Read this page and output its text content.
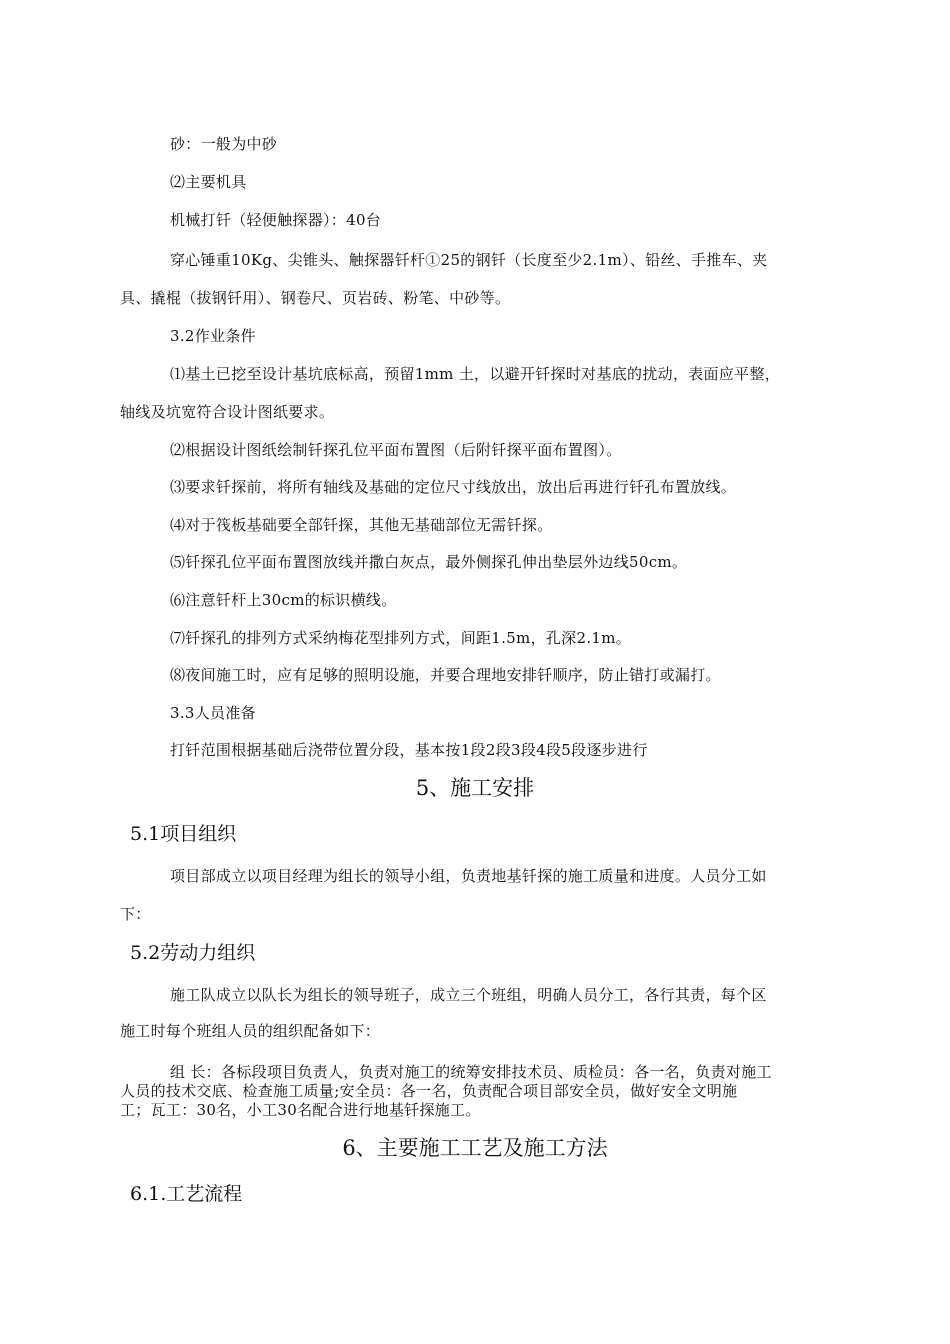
砂：一般为中砂
⑵主要机具
机械打钎（轻便触探器）：40台
穿心锤重10Kg、尖锥头、触探器钎杆①25的钢钎（长度至少2.1m）、铅丝、手推车、夹
具、撬棍（拔钢钎用）、钢卷尺、页岩砖、粉笔、中砂等。
3.2作业条件
⑴基土已挖至设计基坑底标高，预留1mm 土，以避开钎探时对基底的扰动，表面应平整，
轴线及坑宽符合设计图纸要求。
⑵根据设计图纸绘制钎探孔位平面布置图（后附钎探平面布置图）。
⑶要求钎探前，将所有轴线及基础的定位尺寸线放出，放出后再进行钎孔布置放线。
⑷对于筏板基础要全部钎探，其他无基础部位无需钎探。
⑸钎探孔位平面布置图放线并撒白灰点，最外侧探孔伸出垫层外边线50cm。
⑹注意钎杆上30cm的标识横线。
⑺钎探孔的排列方式采纳梅花型排列方式，间距1.5m，孔深2.1m。
⑻夜间施工时，应有足够的照明设施，并要合理地安排钎顺序，防止错打或漏打。
3.3人员准备
打钎范围根据基础后浇带位置分段，基本按1段2段3段4段5段逐步进行
5、施工安排
5.1项目组织
项目部成立以项目经理为组长的领导小组，负责地基钎探的施工质量和进度。人员分工如
下：
5.2劳动力组织
施工队成立以队长为组长的领导班子，成立三个班组，明确人员分工，各行其责，每个区
施工时每个班组人员的组织配备如下：
组 长：各标段项目负责人，负责对施工的统筹安排技术员、质检员：各一名，负责对施工
人员的技术交底、检查施工质量;安全员：各一名，负责配合项目部安全员，做好安全文明施
工；瓦工：30名，小工30名配合进行地基钎探施工。
6、主要施工工艺及施工方法
6.1.工艺流程
